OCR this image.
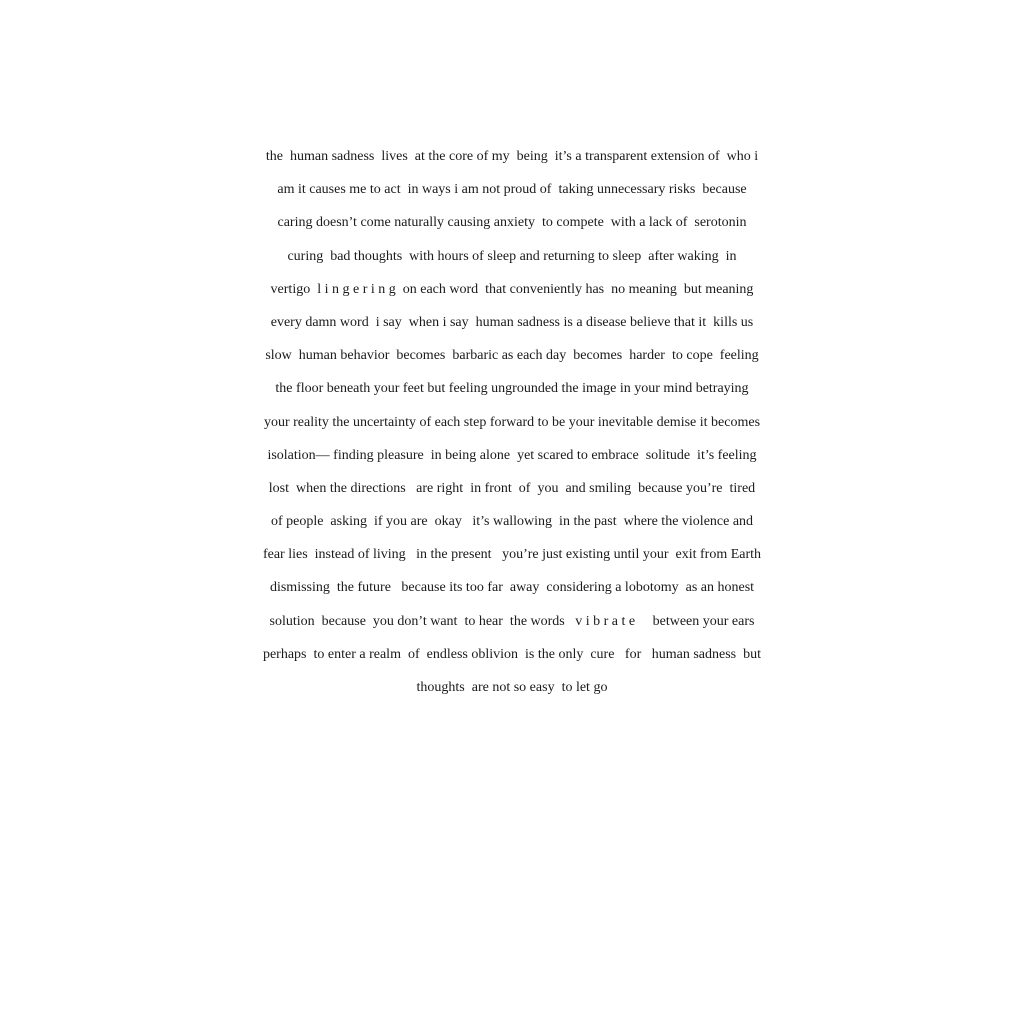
the  human sadness  lives  at the core of my  being  it’s a transparent extension of  who i
am it causes me to act  in ways i am not proud of  taking unnecessary risks  because
caring doesn’t come naturally causing anxiety  to compete  with a lack of  serotonin
curing  bad thoughts  with hours of sleep and returning to sleep  after waking  in
vertigo  l i n g e r i n g  on each word  that conveniently has  no meaning  but meaning
every damn word  i say  when i say  human sadness is a disease believe that it  kills us
slow  human behavior  becomes  barbaric as each day  becomes  harder  to cope  feeling
the floor beneath your feet but feeling ungrounded the image in your mind betraying
your reality the uncertainty of each step forward to be your inevitable demise it becomes
isolation— finding pleasure  in being alone  yet scared to embrace  solitude  it’s feeling
lost  when the directions   are right  in front  of  you  and smiling  because you’re  tired
of people  asking  if you are  okay   it’s wallowing  in the past  where the violence and
fear lies  instead of living   in the present   you’re just existing until your  exit from Earth
dismissing  the future   because its too far  away  considering a lobotomy  as an honest
solution  because  you don’t want  to hear  the words   v i b r a t e     between your ears
perhaps  to enter a realm  of  endless oblivion  is the only  cure   for   human sadness  but
thoughts  are not so easy  to let go
